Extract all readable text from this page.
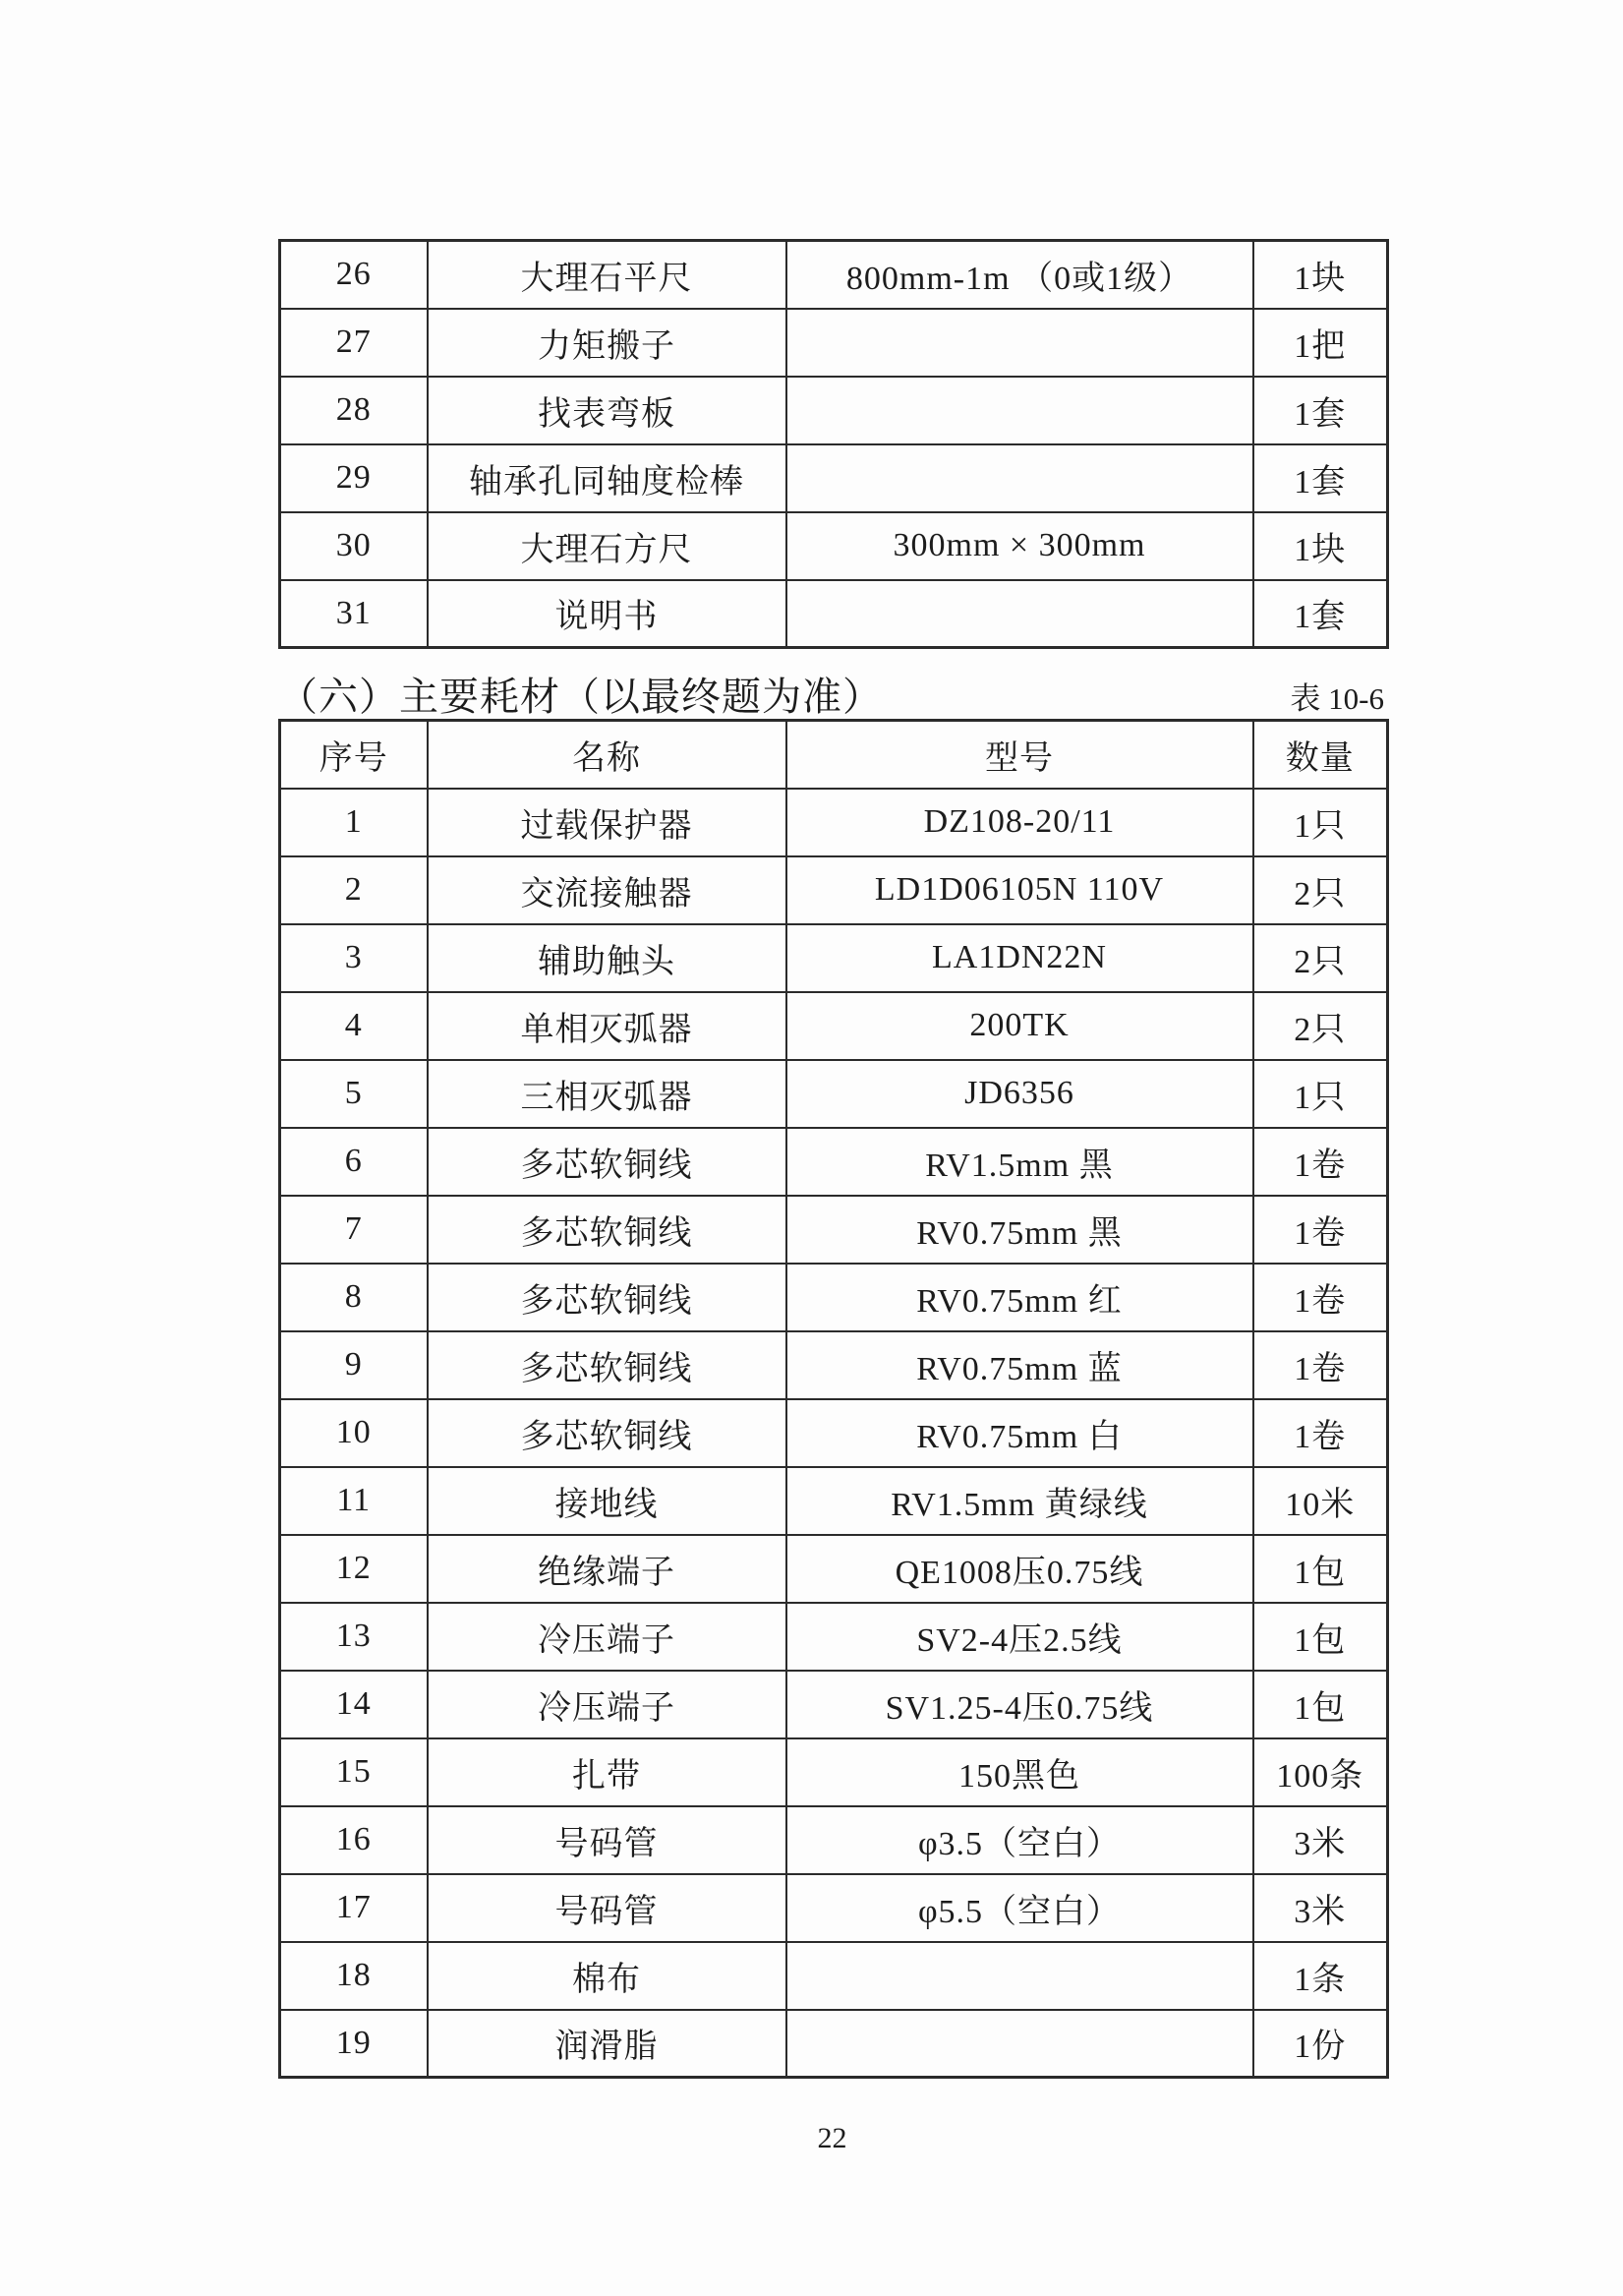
26	大理石平尺	800mm-1m （0或1级）	1块
27	力矩搬子		1把
28	找表弯板		1套
29	轴承孔同轴度检棒		1套
30	大理石方尺	300mm × 300mm	1块
31	说明书		1套
（六）主要耗材（以最终题为准）	表 10-6
序号	名称	型号	数量
1	过载保护器	DZ108-20/11	1只
2	交流接触器	LD1D06105N 110V	2只
3	辅助触头	LA1DN22N	2只
4	单相灭弧器	200TK	2只
5	三相灭弧器	JD6356	1只
6	多芯软铜线	RV1.5mm 黑	1卷
7	多芯软铜线	RV0.75mm 黑	1卷
8	多芯软铜线	RV0.75mm 红	1卷
9	多芯软铜线	RV0.75mm 蓝	1卷
10	多芯软铜线	RV0.75mm 白	1卷
11	接地线	RV1.5mm 黄绿线	10米
12	绝缘端子	QE1008压0.75线	1包
13	冷压端子	SV2-4压2.5线	1包
14	冷压端子	SV1.25-4压0.75线	1包
15	扎带	150黑色	100条
16	号码管	φ3.5（空白）	3米
17	号码管	φ5.5（空白）	3米
18	棉布		1条
19	润滑脂		1份
22
